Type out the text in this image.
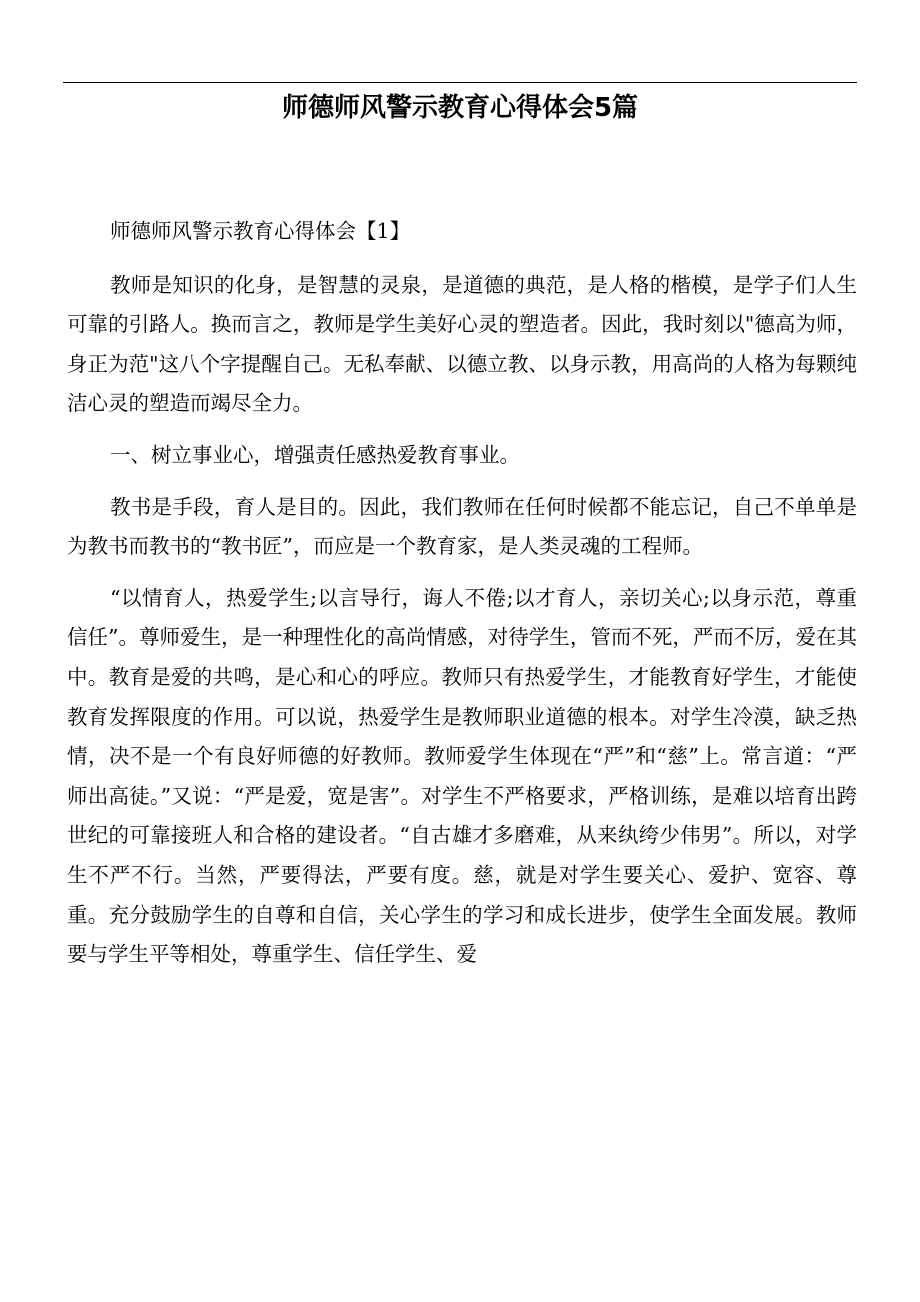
师德师风警示教育心得体会5篇

师德师风警示教育心得体会【1】

教师是知识的化身，是智慧的灵泉，是道德的典范，是人格的楷模，是学子们人生可靠的引路人。换而言之，教师是学生美好心灵的塑造者。因此，我时刻以"德高为师，身正为范"这八个字提醒自己。无私奉献、以德立教、以身示教，用高尚的人格为每颗纯洁心灵的塑造而竭尽全力。

一、树立事业心，增强责任感热爱教育事业。

教书是手段，育人是目的。因此，我们教师在任何时候都不能忘记，自己不单单是为教书而教书的“教书匠”，而应是一个教育家，是人类灵魂的工程师。

“以情育人，热爱学生;以言导行，诲人不倦;以才育人，亲切关心;以身示范，尊重信任”。尊师爱生，是一种理性化的高尚情感，对待学生，管而不死，严而不厉，爱在其中。教育是爱的共鸣，是心和心的呼应。教师只有热爱学生，才能教育好学生，才能使教育发挥限度的作用。可以说，热爱学生是教师职业道德的根本。对学生冷漠，缺乏热情，决不是一个有良好师德的好教师。教师爱学生体现在“严”和“慈”上。常言道：“严师出高徒。”又说：“严是爱，宽是害”。对学生不严格要求，严格训练，是难以培育出跨世纪的可靠接班人和合格的建设者。“自古雄才多磨难，从来纨绔少伟男”。所以，对学生不严不行。当然，严要得法，严要有度。慈，就是对学生要关心、爱护、宽容、尊重。充分鼓励学生的自尊和自信，关心学生的学习和成长进步，使学生全面发展。教师要与学生平等相处，尊重学生、信任学生、爱
